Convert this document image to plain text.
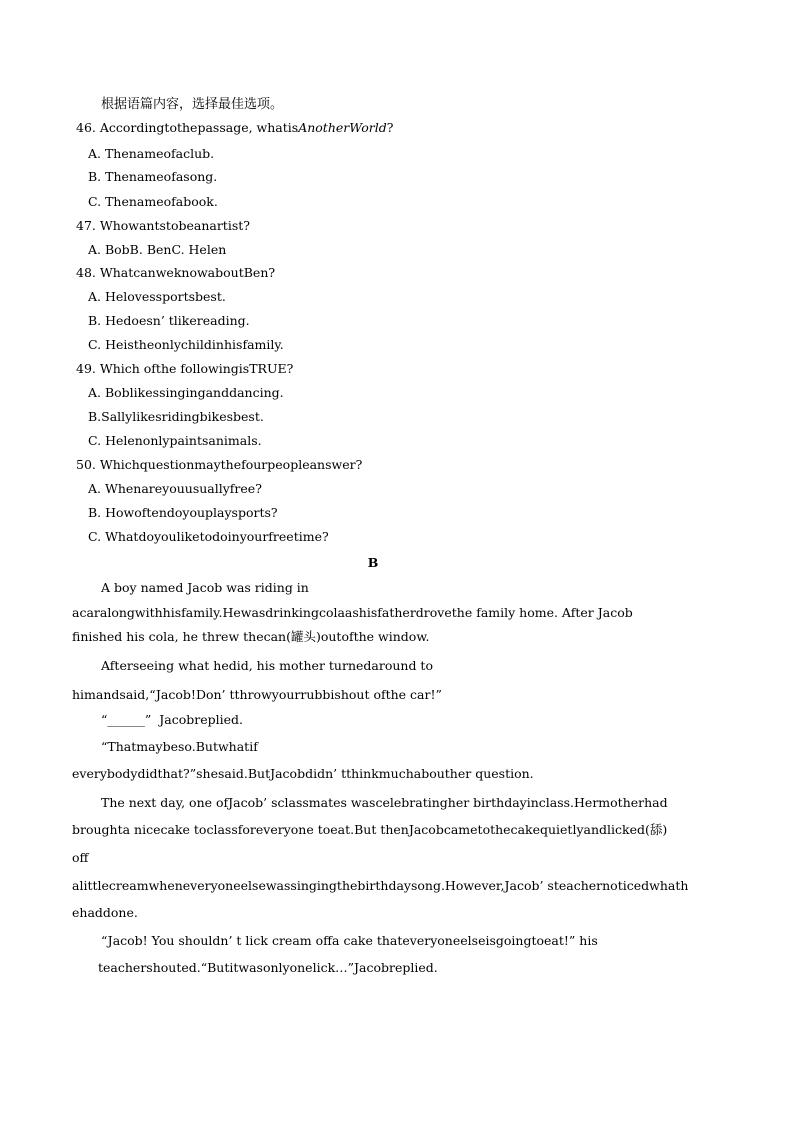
根据语篇内容，选择最佳选项。
46. Accordingtothepassage, whatisAnotherWorld?
A. Thenameofaclub.
B. Thenameofasong.
C. Thenameofabook.
47. Whowantstobeanartist?
A. BobB. BenC. Helen
48. WhatcanweknowaboutBen?
A. Helovessportsbest.
B. Hedoesn’ tlikereading.
C. Heistheonlychildinhisfamily.
49. Which ofthe followingisTRUE?
A. Boblikessinginganddancing.
B.Sallylikesridingbikesbest.
C. Helenonlypaintsanimals.
50. Whichquestionmaythefourpeopleanswer?
A. Whenareyouusuallyfree?
B. Howoftendoyouplaysports?
C. Whatdoyouliketodoinyourfreetime?
B
A boy named Jacob was riding in
acaralongwithhisfamily.Hewasdrinkingcolaashisfatherdrovethe family home. After Jacob
finished his cola, he threw thecan(罐头)outofthe window.
Afterseeing what hedid, his mother turnedaround to
himandsaid,“Jacob!Don’ tthrowyourrubbishout ofthe car!”
“______”  Jacobreplied.
“Thatmaybeso.Butwhatif
everybodydidthat?”shesaid.ButJacobdidn’ tthinkmuchabouther question.
The next day, one ofJacob’ sclassmates wascelebratingher birthdayinclass.Hermotherhad
broughta nicecake toclassforeveryone toeat.But thenJacobcametothecakequietlyandlicked(舔)
off
alittlecreamwheneveryoneelsewassingingthebirthdaysong.However,Jacob’ steachernoticedwhath
ehaddone.
“Jacob! You shouldn’ t lick cream offa cake thateveryoneelseisgoingtoeat!” his
teachershouted.“Butitwasonlyonelick…”Jacobreplied.
